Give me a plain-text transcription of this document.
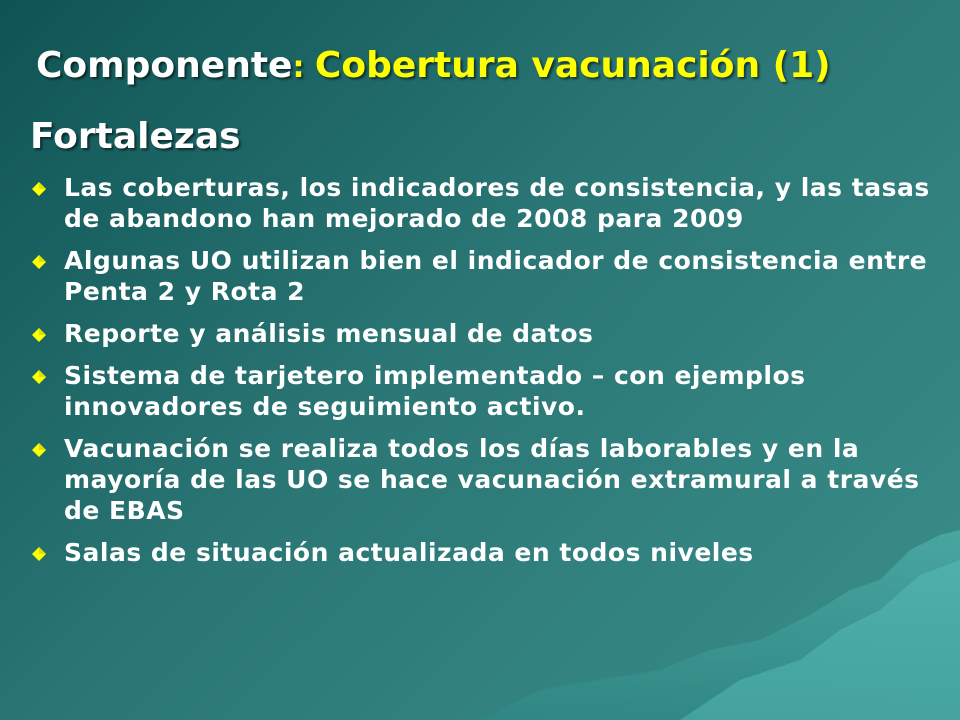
Componente: Cobertura vacunación (1)
Fortalezas
Las coberturas, los indicadores de consistencia, y las tasas de abandono han mejorado de 2008 para 2009
Algunas UO utilizan bien el indicador de consistencia entre Penta 2 y Rota 2
Reporte y análisis mensual de datos
Sistema de tarjetero implementado – con ejemplos innovadores de seguimiento activo.
Vacunación se realiza todos los días laborables y en la mayoría de las UO se hace vacunación extramural a través de EBAS
Salas de situación actualizada en todos niveles
